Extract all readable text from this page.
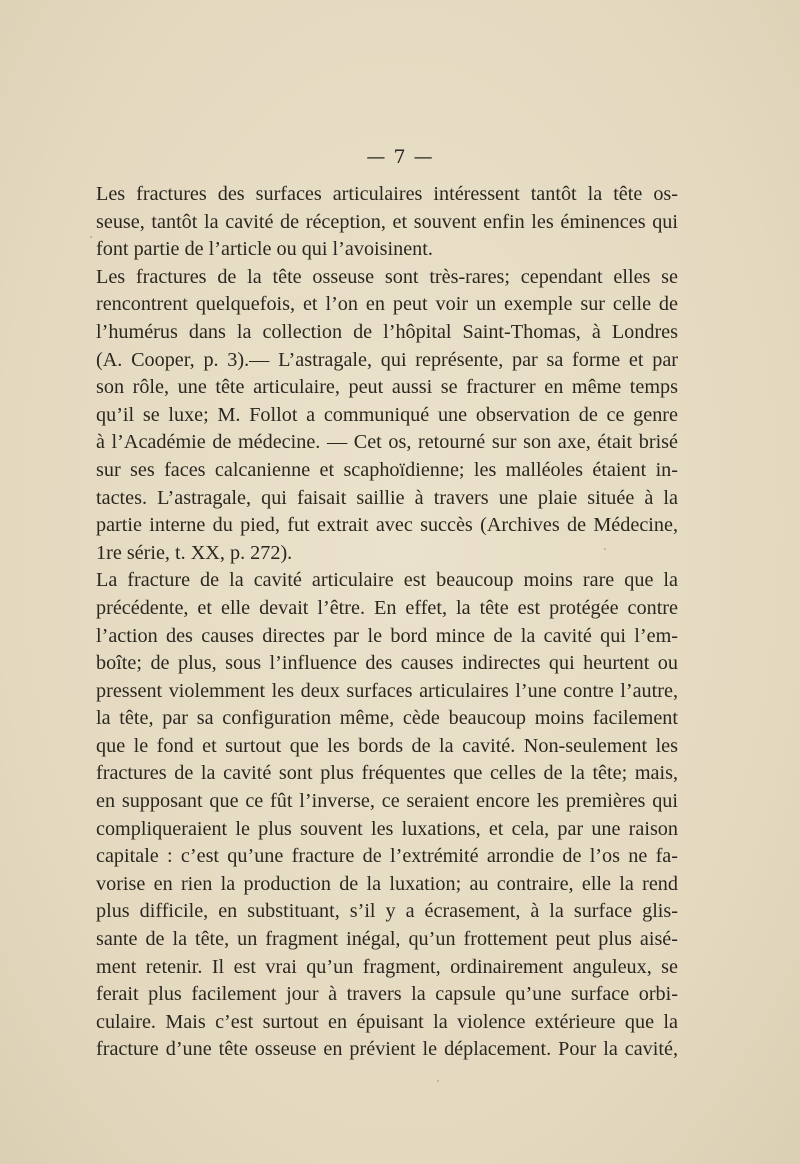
— 7 —

Les fractures des surfaces articulaires intéressent tantôt la tête os-
seuse, tantôt la cavité de réception, et souvent enfin les éminences qui
font partie de l’article ou qui l’avoisinent.

Les fractures de la tête osseuse sont très-rares; cependant elles se
rencontrent quelquefois, et l’on en peut voir un exemple sur celle de
l’humérus dans la collection de l’hôpital Saint-Thomas, à Londres
(A. Cooper, p. 3).— L’astragale, qui représente, par sa forme et par
son rôle, une tête articulaire, peut aussi se fracturer en même temps
qu’il se luxe; M. Follot a communiqué une observation de ce genre
à l’Académie de médecine. — Cet os, retourné sur son axe, était brisé
sur ses faces calcanienne et scaphoïdienne; les malléoles étaient in-
tactes. L’astragale, qui faisait saillie à travers une plaie située à la
partie interne du pied, fut extrait avec succès (Archives de Médecine,
1re série, t. XX, p. 272).

La fracture de la cavité articulaire est beaucoup moins rare que la
précédente, et elle devait l’être. En effet, la tête est protégée contre
l’action des causes directes par le bord mince de la cavité qui l’em-
boîte; de plus, sous l’influence des causes indirectes qui heurtent ou
pressent violemment les deux surfaces articulaires l’une contre l’autre,
la tête, par sa configuration même, cède beaucoup moins facilement
que le fond et surtout que les bords de la cavité. Non-seulement les
fractures de la cavité sont plus fréquentes que celles de la tête; mais,
en supposant que ce fût l’inverse, ce seraient encore les premières qui
compliqueraient le plus souvent les luxations, et cela, par une raison
capitale : c’est qu’une fracture de l’extrémité arrondie de l’os ne fa-
vorise en rien la production de la luxation; au contraire, elle la rend
plus difficile, en substituant, s’il y a écrasement, à la surface glis-
sante de la tête, un fragment inégal, qu’un frottement peut plus aisé-
ment retenir. Il est vrai qu’un fragment, ordinairement anguleux, se
ferait plus facilement jour à travers la capsule qu’une surface orbi-
culaire. Mais c’est surtout en épuisant la violence extérieure que la
fracture d’une tête osseuse en prévient le déplacement. Pour la cavité,
